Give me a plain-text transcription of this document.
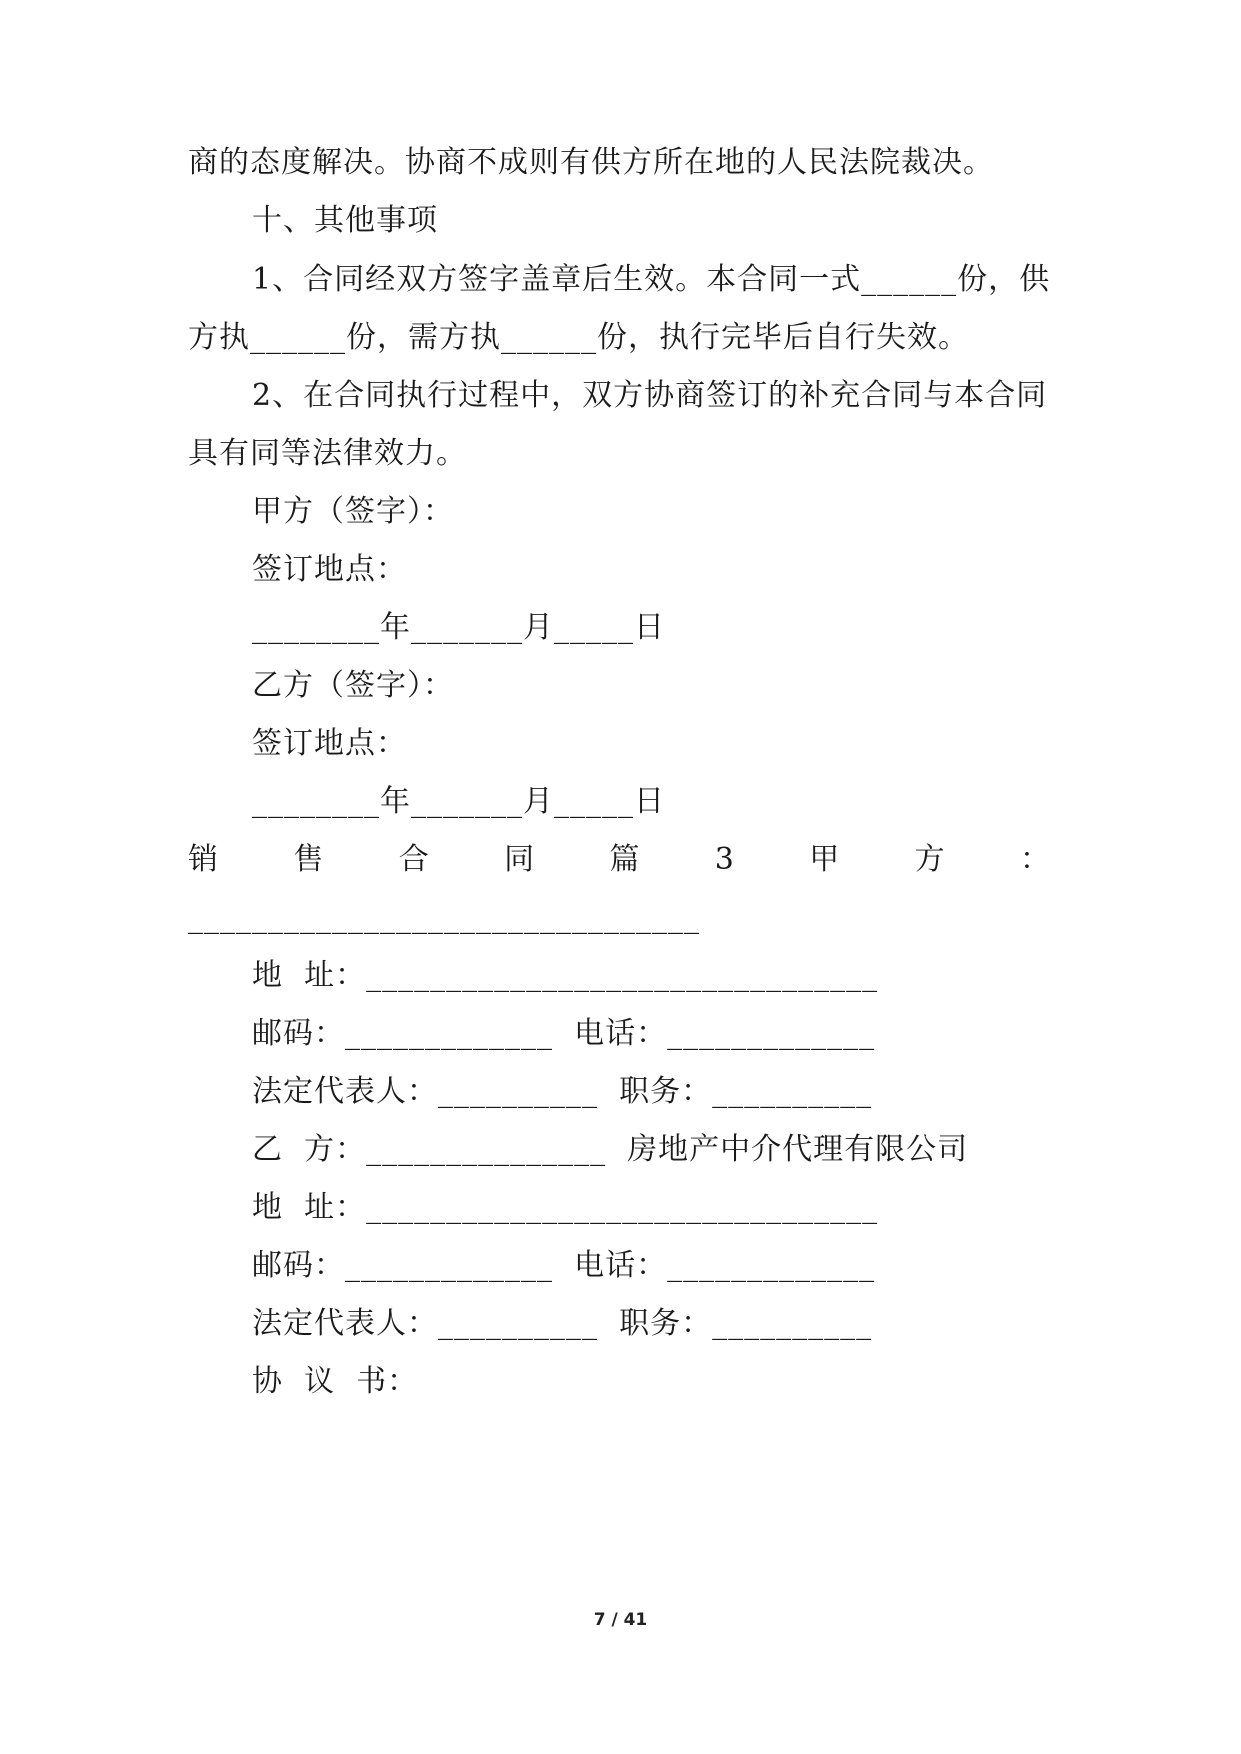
商的态度解决。协商不成则有供方所在地的人民法院裁决。
十、其他事项
1、合同经双方签字盖章后生效。本合同一式______份，供
方执______份，需方执______份，执行完毕后自行失效。
2、在合同执行过程中，双方协商签订的补充合同与本合同
具有同等法律效力。
甲方（签字）：
签订地点：
________年_______月_____日
乙方（签字）：
签订地点：
________年_______月_____日
销	售	合	同	篇	3	甲	方	：
________________________________
地  址：________________________________
邮码：_____________  电话：_____________
法定代表人：__________  职务：__________
乙  方：_______________  房地产中介代理有限公司
地  址：________________________________
邮码：_____________  电话：_____________
法定代表人：__________  职务：__________
协  议  书：
7 / 41
